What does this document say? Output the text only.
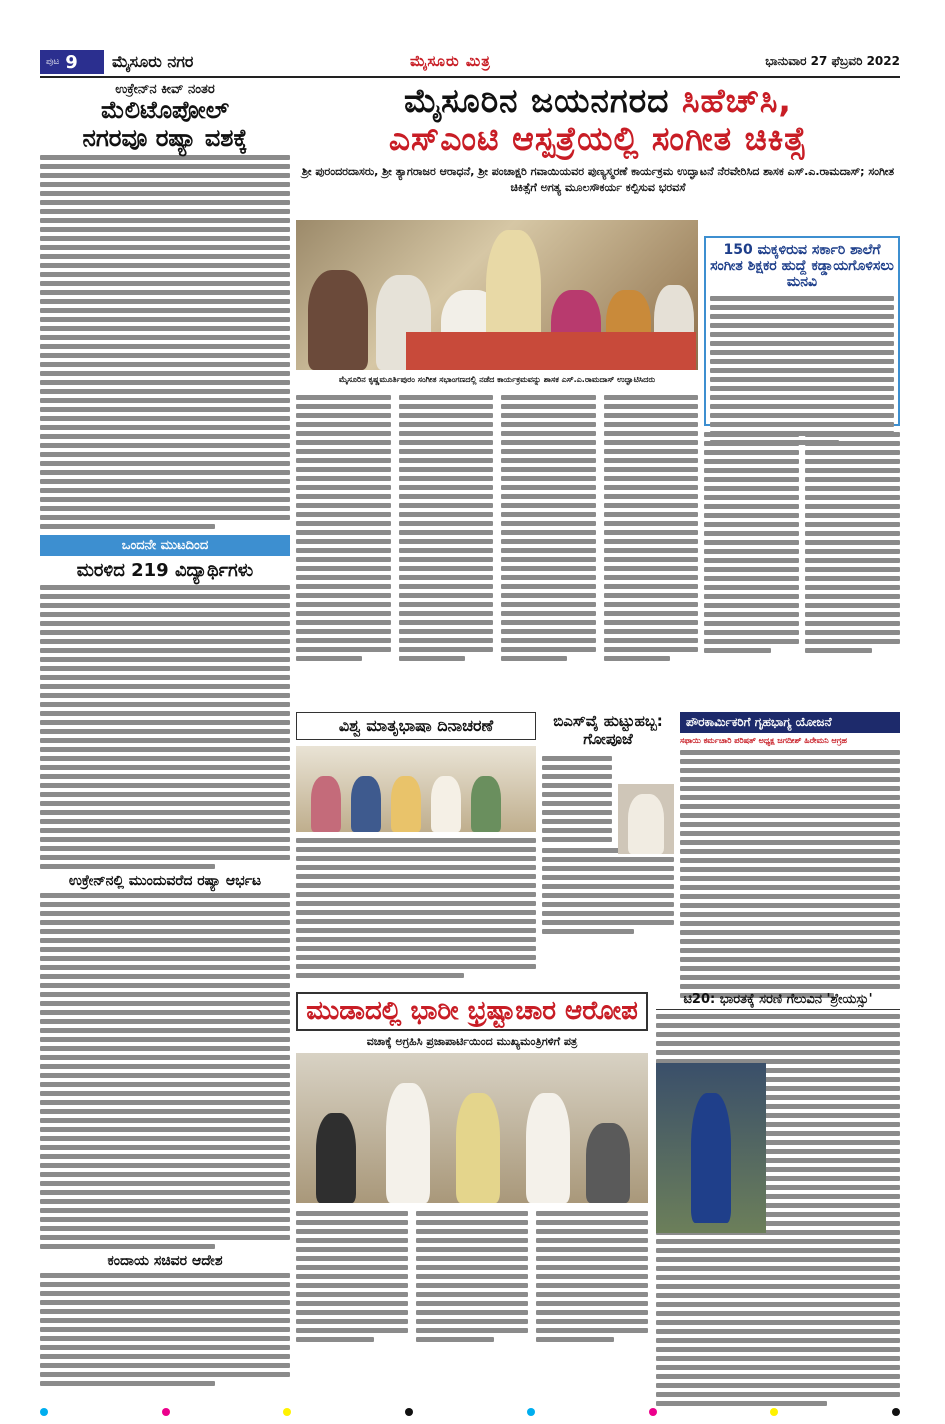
ಪುಟ 9 ಮೈಸೂರು ನಗರ	ಮೈಸೂರು ಮಿತ್ರ	ಭಾನುವಾರ 27 ಫೆಬ್ರವರಿ 2022
ಉಕ್ರೇನ್‌ನ ಕೀವ್ ನಂತರ
ಮೆಲಿಟೊಪೋಲ್
ನಗರವೂ ರಷ್ಯಾ ವಶಕ್ಕೆ
ಒಂದನೇ ಮುಟದಿಂದ
ಮರಳಿದ 219 ವಿದ್ಯಾರ್ಥಿಗಳು
ಉಕ್ರೇನ್‌ನಲ್ಲಿ ಮುಂದುವರೆದ ರಷ್ಯಾ ಆರ್ಭಟ
ಕಂದಾಯ ಸಚಿವರ ಆದೇಶ
ಮೈಸೂರಿನ ಜಯನಗರದ ಸಿಹೆಚ್‌ಸಿ,
ಎಸ್‌ಎಂಟಿ ಆಸ್ಪತ್ರೆಯಲ್ಲಿ ಸಂಗೀತ ಚಿಕಿತ್ಸೆ
ಶ್ರೀ ಪುರಂದರದಾಸರು, ಶ್ರೀ ತ್ಯಾಗರಾಜರ ಆರಾಧನೆ, ಶ್ರೀ ಪಂಚಾಕ್ಷರಿ ಗವಾಯಿಯವರ ಪುಣ್ಯಸ್ಮರಣೆ ಕಾರ್ಯಕ್ರಮ ಉದ್ಘಾಟನೆ ನೆರವೇರಿಸಿದ ಶಾಸಕ ಎಸ್.ಎ.ರಾಮದಾಸ್; ಸಂಗೀತ ಚಿಕಿತ್ಸೆಗೆ ಅಗತ್ಯ ಮೂಲಸೌಕರ್ಯ ಕಲ್ಪಿಸುವ ಭರವಸೆ
ಮೈಸೂರಿನ ಕೃಷ್ಣಮೂರ್ತಿಪುರಂ ಸಂಗೀತ ಸಭಾಂಗಣದಲ್ಲಿ ನಡೆದ ಕಾರ್ಯಕ್ರಮವನ್ನು ಶಾಸಕ ಎಸ್.ಎ.ರಾಮದಾಸ್ ಉದ್ಘಾಟಿಸಿದರು
150 ಮಕ್ಕಳಿರುವ ಸರ್ಕಾರಿ ಶಾಲೆಗೆ ಸಂಗೀತ ಶಿಕ್ಷಕರ ಹುದ್ದೆ ಕಡ್ಡಾಯಗೊಳಿಸಲು ಮನವಿ
ವಿಶ್ವ ಮಾತೃಭಾಷಾ ದಿನಾಚರಣೆ	ಬಿಎಸ್‌ವೈ ಹುಟ್ಟುಹಬ್ಬ: ಗೋಪೂಜೆ
ಪೌರಕಾರ್ಮಿಕರಿಗೆ ಗೃಹಭಾಗ್ಯ ಯೋಜನೆ
ಸಫಾಯಿ ಕರ್ಮಚಾರಿ ಪರಿಷತ್ ಅಧ್ಯಕ್ಷ ಜಗದೀಶ್ ಹಿರೇಮನಿ ಆಗ್ರಹ
ಮುಡಾದಲ್ಲಿ ಭಾರೀ ಭ್ರಷ್ಟಾಚಾರ ಆರೋಪ
ವಚಾಕ್ಕೆ ಅಗ್ರಹಿಸಿ ಪ್ರಜಾಪಾರ್ಟಿಯಿಂದ ಮುಖ್ಯಮಂತ್ರಿಗಳಿಗೆ ಪತ್ರ
ಟಿ20: ಭಾರತಕ್ಕೆ ಸರಣಿ ಗೆಲುವಿನ 'ಶ್ರೇಯಸ್ಸು'
